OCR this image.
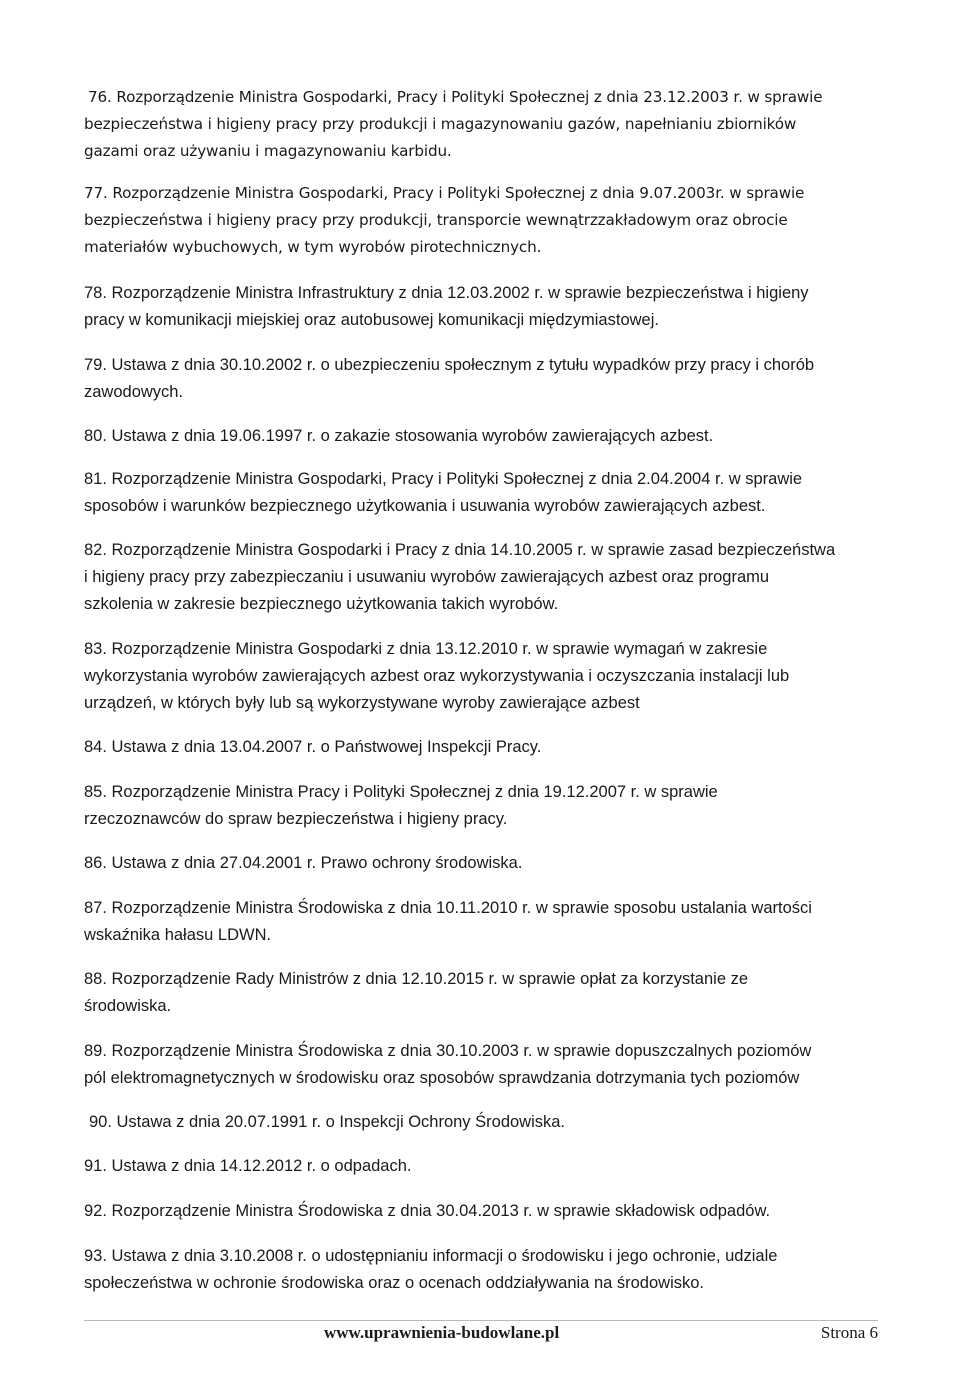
76. Rozporządzenie Ministra Gospodarki, Pracy i Polityki Społecznej z dnia 23.12.2003 r. w sprawie
bezpieczeństwa i higieny pracy przy produkcji i magazynowaniu gazów, napełnianiu zbiorników
gazami oraz używaniu i magazynowaniu karbidu.
77. Rozporządzenie Ministra Gospodarki, Pracy i Polityki Społecznej z dnia 9.07.2003r. w sprawie
bezpieczeństwa i higieny pracy przy produkcji, transporcie wewnątrzzakładowym oraz obrocie
materiałów wybuchowych, w tym wyrobów pirotechnicznych.
78. Rozporządzenie Ministra Infrastruktury z dnia 12.03.2002 r. w sprawie bezpieczeństwa i higieny
pracy w komunikacji miejskiej oraz autobusowej komunikacji międzymiastowej.
79. Ustawa z dnia 30.10.2002 r. o ubezpieczeniu społecznym z tytułu wypadków przy pracy i chorób
zawodowych.
80. Ustawa z dnia 19.06.1997 r. o zakazie stosowania wyrobów zawierających azbest.
81. Rozporządzenie Ministra Gospodarki, Pracy i Polityki Społecznej z dnia 2.04.2004 r. w sprawie
sposobów i warunków bezpiecznego użytkowania i usuwania wyrobów zawierających azbest.
82. Rozporządzenie Ministra Gospodarki i Pracy z dnia 14.10.2005 r. w sprawie zasad bezpieczeństwa
i higieny pracy przy zabezpieczaniu i usuwaniu wyrobów zawierających azbest oraz programu
szkolenia w zakresie bezpiecznego użytkowania takich wyrobów.
83. Rozporządzenie Ministra Gospodarki z dnia 13.12.2010 r. w sprawie wymagań w zakresie
wykorzystania wyrobów zawierających azbest oraz wykorzystywania i oczyszczania instalacji lub
urządzeń, w których były lub są wykorzystywane wyroby zawierające azbest
84. Ustawa z dnia 13.04.2007 r. o Państwowej Inspekcji Pracy.
85. Rozporządzenie Ministra Pracy i Polityki Społecznej z dnia 19.12.2007 r. w sprawie
rzeczoznawców do spraw bezpieczeństwa i higieny pracy.
86. Ustawa z dnia 27.04.2001 r. Prawo ochrony środowiska.
87. Rozporządzenie Ministra Środowiska z dnia 10.11.2010 r. w sprawie sposobu ustalania wartości
wskaźnika hałasu LDWN.
88. Rozporządzenie Rady Ministrów z dnia 12.10.2015 r. w sprawie opłat za korzystanie ze
środowiska.
89. Rozporządzenie Ministra Środowiska z dnia 30.10.2003 r. w sprawie dopuszczalnych poziomów
pól elektromagnetycznych w środowisku oraz sposobów sprawdzania dotrzymania tych poziomów
90. Ustawa z dnia 20.07.1991 r. o Inspekcji Ochrony Środowiska.
91. Ustawa z dnia 14.12.2012 r. o odpadach.
92. Rozporządzenie Ministra Środowiska z dnia 30.04.2013 r. w sprawie składowisk odpadów.
93. Ustawa z dnia 3.10.2008 r. o udostępnianiu informacji o środowisku i jego ochronie, udziale
społeczeństwa w ochronie środowiska oraz o ocenach oddziaływania na środowisko.
www.uprawnienia-budowlane.pl	Strona 6
